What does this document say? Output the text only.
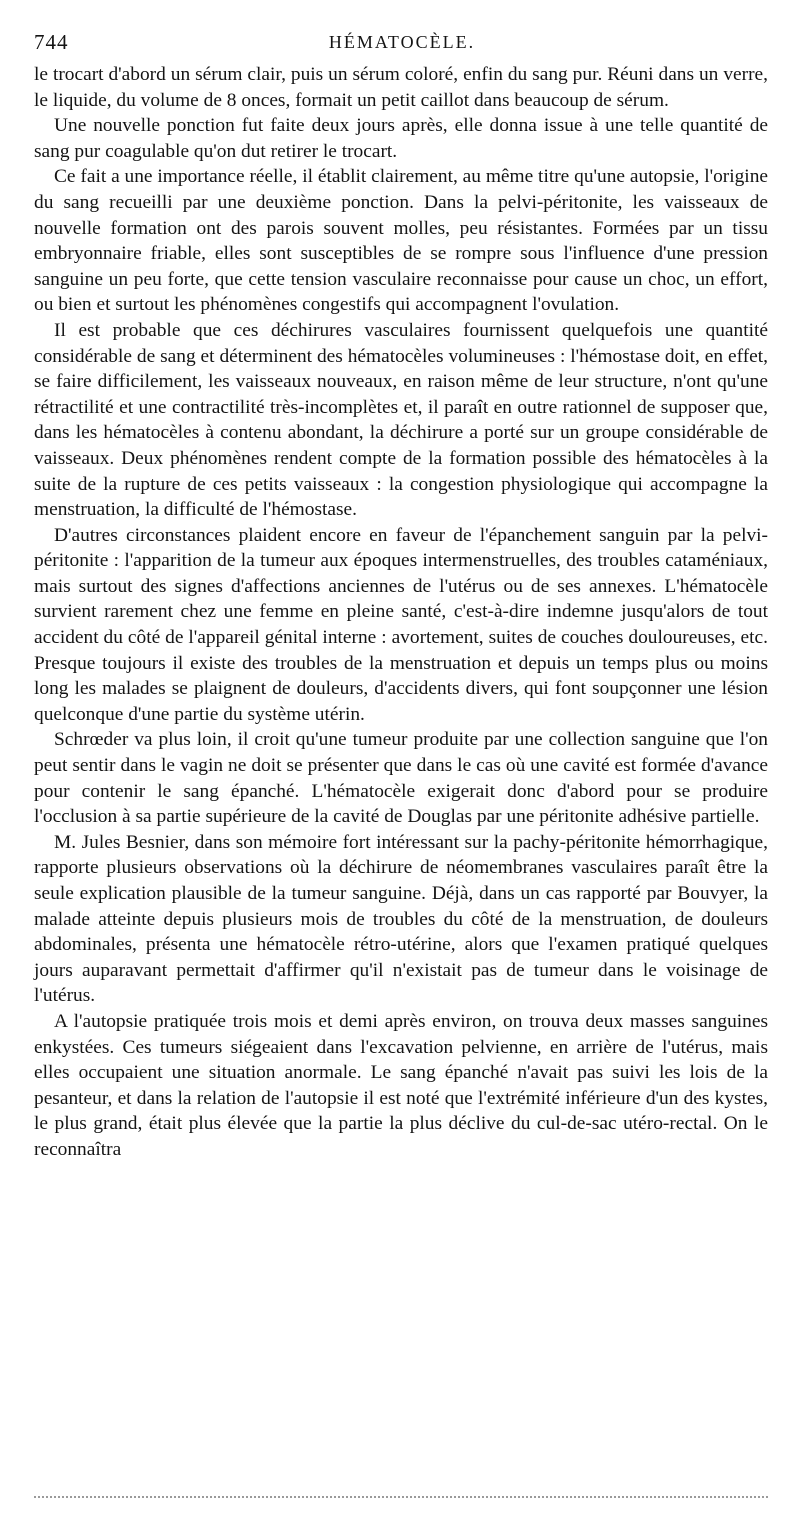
744	HÉMATOCÈLE.

le trocart d'abord un sérum clair, puis un sérum coloré, enfin du sang pur. Réuni dans un verre, le liquide, du volume de 8 onces, formait un petit caillot dans beaucoup de sérum.

Une nouvelle ponction fut faite deux jours après, elle donna issue à une telle quantité de sang pur coagulable qu'on dut retirer le trocart.

Ce fait a une importance réelle, il établit clairement, au même titre qu'une autopsie, l'origine du sang recueilli par une deuxième ponction. Dans la pelvi-péritonite, les vaisseaux de nouvelle formation ont des parois souvent molles, peu résistantes. Formées par un tissu embryonnaire friable, elles sont susceptibles de se rompre sous l'influence d'une pression sanguine un peu forte, que cette tension vasculaire reconnaisse pour cause un choc, un effort, ou bien et surtout les phénomènes congestifs qui accompagnent l'ovulation.

Il est probable que ces déchirures vasculaires fournissent quelquefois une quantité considérable de sang et déterminent des hématocèles volumineuses : l'hémostase doit, en effet, se faire difficilement, les vaisseaux nouveaux, en raison même de leur structure, n'ont qu'une rétractilité et une contractilité très-incomplètes et, il paraît en outre rationnel de supposer que, dans les hématocèles à contenu abondant, la déchirure a porté sur un groupe considérable de vaisseaux. Deux phénomènes rendent compte de la formation possible des hématocèles à la suite de la rupture de ces petits vaisseaux : la congestion physiologique qui accompagne la menstruation, la difficulté de l'hémostase.

D'autres circonstances plaident encore en faveur de l'épanchement sanguin par la pelvi-péritonite : l'apparition de la tumeur aux époques intermenstruelles, des troubles cataméniaux, mais surtout des signes d'affections anciennes de l'utérus ou de ses annexes. L'hématocèle survient rarement chez une femme en pleine santé, c'est-à-dire indemne jusqu'alors de tout accident du côté de l'appareil génital interne : avortement, suites de couches douloureuses, etc. Presque toujours il existe des troubles de la menstruation et depuis un temps plus ou moins long les malades se plaignent de douleurs, d'accidents divers, qui font soupçonner une lésion quelconque d'une partie du système utérin.

Schrœder va plus loin, il croit qu'une tumeur produite par une collection sanguine que l'on peut sentir dans le vagin ne doit se présenter que dans le cas où une cavité est formée d'avance pour contenir le sang épanché. L'hématocèle exigerait donc d'abord pour se produire l'occlusion à sa partie supérieure de la cavité de Douglas par une péritonite adhésive partielle.

M. Jules Besnier, dans son mémoire fort intéressant sur la pachy-péritonite hémorrhagique, rapporte plusieurs observations où la déchirure de néomembranes vasculaires paraît être la seule explication plausible de la tumeur sanguine. Déjà, dans un cas rapporté par Bouvyer, la malade atteinte depuis plusieurs mois de troubles du côté de la menstruation, de douleurs abdominales, présenta une hématocèle rétro-utérine, alors que l'examen pratiqué quelques jours auparavant permettait d'affirmer qu'il n'existait pas de tumeur dans le voisinage de l'utérus.

A l'autopsie pratiquée trois mois et demi après environ, on trouva deux masses sanguines enkystées. Ces tumeurs siégeaient dans l'excavation pelvienne, en arrière de l'utérus, mais elles occupaient une situation anormale. Le sang épanché n'avait pas suivi les lois de la pesanteur, et dans la relation de l'autopsie il est noté que l'extrémité inférieure d'un des kystes, le plus grand, était plus élevée que la partie la plus déclive du cul-de-sac utéro-rectal. On le reconnaîtra
